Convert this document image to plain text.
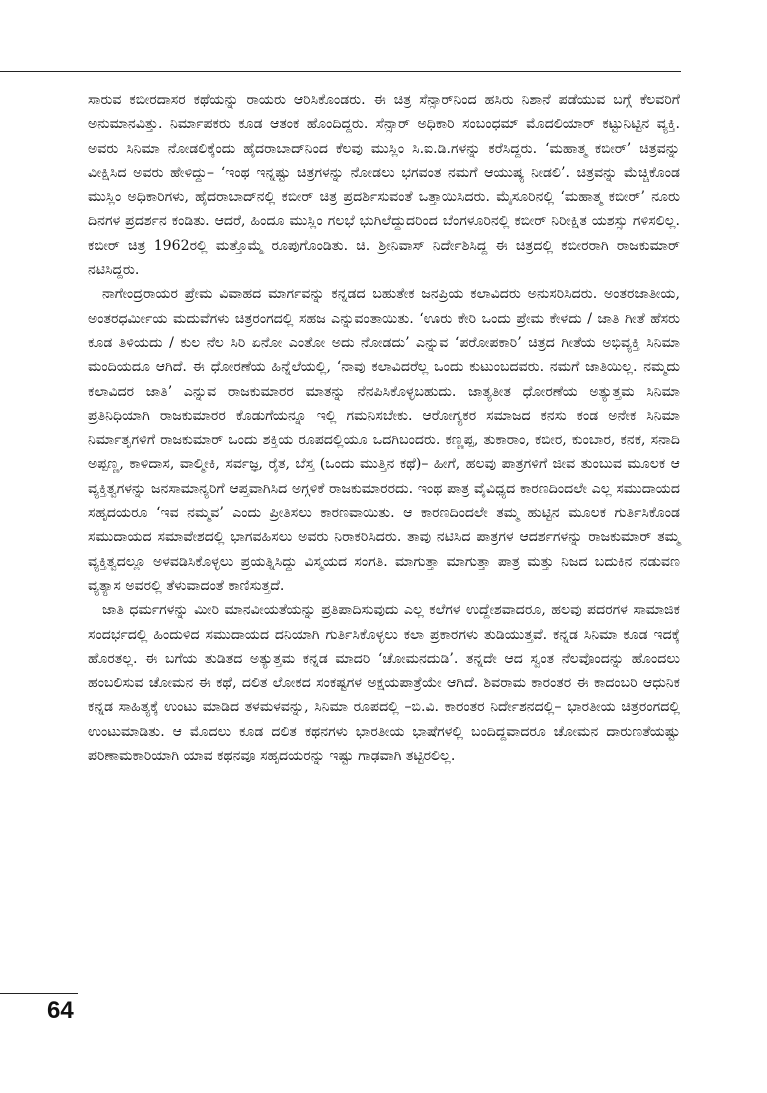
ಸಾರುವ ಕಬೀರದಾಸರ ಕಥೆಯನ್ನು ರಾಯರು ಆರಿಸಿಕೊಂಡರು. ಈ ಚಿತ್ರ ಸೆನ್ಸಾರ್‌ನಿಂದ ಹಸಿರು ನಿಶಾನೆ ಪಡೆಯುವ ಬಗ್ಗೆ ಕೆಲವರಿಗೆ ಅನುಮಾನವಿತ್ತು. ನಿರ್ಮಾಪಕರು ಕೂಡ ಆತಂಕ ಹೊಂದಿದ್ದರು. ಸೆನ್ಸಾರ್ ಅಧಿಕಾರಿ ಸಂಬಂಧಮ್ ಮೊದಲಿಯಾರ್ ಕಟ್ಟುನಿಟ್ಟಿನ ವ್ಯಕ್ತಿ. ಅವರು ಸಿನಿಮಾ ನೋಡಲಿಕ್ಕೆಂದು ಹೈದರಾಬಾದ್‌ನಿಂದ ಕೆಲವು ಮುಸ್ಲಿಂ ಸಿ.ಐ.ಡಿ.ಗಳನ್ನು ಕರೆಸಿದ್ದರು. ‘ಮಹಾತ್ಮ ಕಬೀರ್’ ಚಿತ್ರವನ್ನು ವೀಕ್ಷಿಸಿದ ಅವರು ಹೇಳಿದ್ದು– ‘ಇಂಥ ಇನ್ನಷ್ಟು ಚಿತ್ರಗಳನ್ನು ನೋಡಲು ಭಗವಂತ ನಮಗೆ ಆಯುಷ್ಯ ನೀಡಲಿ’. ಚಿತ್ರವನ್ನು ಮೆಚ್ಚಿಕೊಂಡ ಮುಸ್ಲಿಂ ಅಧಿಕಾರಿಗಳು, ಹೈದರಾಬಾದ್‌ನಲ್ಲಿ ಕಬೀರ್ ಚಿತ್ರ ಪ್ರದರ್ಶಿಸುವಂತೆ ಒತ್ತಾಯಿಸಿದರು. ಮೈಸೂರಿನಲ್ಲಿ ‘ಮಹಾತ್ಮ ಕಬೀರ್’ ನೂರು ದಿನಗಳ ಪ್ರದರ್ಶನ ಕಂಡಿತು. ಆದರೆ, ಹಿಂದೂ ಮುಸ್ಲಿಂ ಗಲಭೆ ಭುಗಿಲೆದ್ದುದರಿಂದ ಬೆಂಗಳೂರಿನಲ್ಲಿ ಕಬೀರ್ ನಿರೀಕ್ಷಿತ ಯಶಸ್ಸು ಗಳಿಸಲಿಲ್ಲ. ಕಬೀರ್ ಚಿತ್ರ 1962ರಲ್ಲಿ ಮತ್ತೊಮ್ಮೆ ರೂಪುಗೊಂಡಿತು. ಚಿ. ಶ್ರೀನಿವಾಸ್ ನಿರ್ದೇಶಿಸಿದ್ದ ಈ ಚಿತ್ರದಲ್ಲಿ ಕಬೀರರಾಗಿ ರಾಜಕುಮಾರ್ ನಟಿಸಿದ್ದರು.

ನಾಗೇಂದ್ರರಾಯರ ಪ್ರೇಮ ವಿವಾಹದ ಮಾರ್ಗವನ್ನು ಕನ್ನಡದ ಬಹುತೇಕ ಜನಪ್ರಿಯ ಕಲಾವಿದರು ಅನುಸರಿಸಿದರು. ಅಂತರಜಾತೀಯ, ಅಂತರಧರ್ಮೀಯ ಮದುವೆಗಳು ಚಿತ್ರರಂಗದಲ್ಲಿ ಸಹಜ ಎನ್ನುವಂತಾಯಿತು. ‘ಊರು ಕೇರಿ ಒಂದು ಪ್ರೇಮ ಕೇಳದು / ಜಾತಿ ಗೀತೆ ಹೆಸರು ಕೂಡ ತಿಳಿಯದು / ಕುಲ ನೆಲ ಸಿರಿ ಏನೋ ಎಂತೋ ಅದು ನೋಡದು’ ಎನ್ನುವ ‘ಪರೋಪಕಾರಿ’ ಚಿತ್ರದ ಗೀತೆಯ ಅಭಿವ್ಯಕ್ತಿ ಸಿನಿಮಾ ಮಂದಿಯದೂ ಆಗಿದೆ. ಈ ಧೋರಣೆಯ ಹಿನ್ನೆಲೆಯಲ್ಲಿ, ‘ನಾವು ಕಲಾವಿದರೆಲ್ಲ ಒಂದು ಕುಟುಂಬದವರು. ನಮಗೆ ಜಾತಿಯಿಲ್ಲ. ನಮ್ಮದು ಕಲಾವಿದರ ಜಾತಿ’ ಎನ್ನುವ ರಾಜಕುಮಾರರ ಮಾತನ್ನು ನೆನಪಿಸಿಕೊಳ್ಳಬಹುದು. ಜಾತ್ಯತೀತ ಧೋರಣೆಯ ಅತ್ಯುತ್ತಮ ಸಿನಿಮಾ ಪ್ರತಿನಿಧಿಯಾಗಿ ರಾಜಕುಮಾರರ ಕೊಡುಗೆಯನ್ನೂ ಇಲ್ಲಿ ಗಮನಿಸಬೇಕು. ಆರೋಗ್ಯಕರ ಸಮಾಜದ ಕನಸು ಕಂಡ ಅನೇಕ ಸಿನಿಮಾ ನಿರ್ಮಾತೃಗಳಿಗೆ ರಾಜಕುಮಾರ್ ಒಂದು ಶಕ್ತಿಯ ರೂಪದಲ್ಲಿಯೂ ಒದಗಿಬಂದರು. ಕಣ್ಣಪ್ಪ, ತುಕಾರಾಂ, ಕಬೀರ, ಕುಂಬಾರ, ಕನಕ, ಸನಾದಿ ಅಪ್ಪಣ್ಣ, ಕಾಳಿದಾಸ, ವಾಲ್ಮೀಕಿ, ಸರ್ವಜ್ಞ, ರೈತ, ಬೆಸ್ತ (ಒಂದು ಮುತ್ತಿನ ಕಥೆ)– ಹೀಗೆ, ಹಲವು ಪಾತ್ರಗಳಿಗೆ ಜೀವ ತುಂಬುವ ಮೂಲಕ ಆ ವ್ಯಕ್ತಿತ್ವಗಳನ್ನು ಜನಸಾಮಾನ್ಯರಿಗೆ ಆಪ್ತವಾಗಿಸಿದ ಅಗ್ಗಳಿಕೆ ರಾಜಕುಮಾರರದು. ಇಂಥ ಪಾತ್ರ ವೈವಿಧ್ಯದ ಕಾರಣದಿಂದಲೇ ಎಲ್ಲ ಸಮುದಾಯದ ಸಹೃದಯರೂ ‘ಇವ ನಮ್ಮವ’ ಎಂದು ಪ್ರೀತಿಸಲು ಕಾರಣವಾಯಿತು. ಆ ಕಾರಣದಿಂದಲೇ ತಮ್ಮ ಹುಟ್ಟಿನ ಮೂಲಕ ಗುರ್ತಿಸಿಕೊಂಡ ಸಮುದಾಯದ ಸಮಾವೇಶದಲ್ಲಿ ಭಾಗವಹಿಸಲು ಅವರು ನಿರಾಕರಿಸಿದರು. ತಾವು ನಟಿಸಿದ ಪಾತ್ರಗಳ ಆದರ್ಶಗಳನ್ನು ರಾಜಕುಮಾರ್ ತಮ್ಮ ವ್ಯಕ್ತಿತ್ವದಲ್ಲೂ ಅಳವಡಿಸಿಕೊಳ್ಳಲು ಪ್ರಯತ್ನಿಸಿದ್ದು ವಿಸ್ಮಯದ ಸಂಗತಿ. ಮಾಗುತ್ತಾ ಮಾಗುತ್ತಾ ಪಾತ್ರ ಮತ್ತು ನಿಜದ ಬದುಕಿನ ನಡುವಣ ವ್ಯತ್ಯಾಸ ಅವರಲ್ಲಿ ತೆಳುವಾದಂತೆ ಕಾಣಿಸುತ್ತದೆ.

ಜಾತಿ ಧರ್ಮಗಳನ್ನು ಮೀರಿ ಮಾನವೀಯತೆಯನ್ನು ಪ್ರತಿಪಾದಿಸುವುದು ಎಲ್ಲ ಕಲೆಗಳ ಉದ್ದೇಶವಾದರೂ, ಹಲವು ಪದರಗಳ ಸಾಮಾಜಿಕ ಸಂದರ್ಭದಲ್ಲಿ ಹಿಂದುಳಿದ ಸಮುದಾಯದ ದನಿಯಾಗಿ ಗುರ್ತಿಸಿಕೊಳ್ಳಲು ಕಲಾ ಪ್ರಕಾರಗಳು ತುಡಿಯುತ್ತವೆ. ಕನ್ನಡ ಸಿನಿಮಾ ಕೂಡ ಇದಕ್ಕೆ ಹೊರತಲ್ಲ. ಈ ಬಗೆಯ ತುಡಿತದ ಅತ್ಯುತ್ತಮ ಕನ್ನಡ ಮಾದರಿ ‘ಚೋಮನದುಡಿ’. ತನ್ನದೇ ಆದ ಸ್ವಂತ ನೆಲವೊಂದನ್ನು ಹೊಂದಲು ಹಂಬಲಿಸುವ ಚೋಮನ ಈ ಕಥೆ, ದಲಿತ ಲೋಕದ ಸಂಕಷ್ಟಗಳ ಅಕ್ಷಯಪಾತ್ರೆಯೇ ಆಗಿದೆ. ಶಿವರಾಮ ಕಾರಂತರ ಈ ಕಾದಂಬರಿ ಆಧುನಿಕ ಕನ್ನಡ ಸಾಹಿತ್ಯಕ್ಕೆ ಉಂಟು ಮಾಡಿದ ತಳಮಳವನ್ನು, ಸಿನಿಮಾ ರೂಪದಲ್ಲಿ –ಬಿ.ವಿ. ಕಾರಂತರ ನಿರ್ದೇಶನದಲ್ಲಿ– ಭಾರತೀಯ ಚಿತ್ರರಂಗದಲ್ಲಿ ಉಂಟುಮಾಡಿತು. ಆ ಮೊದಲು ಕೂಡ ದಲಿತ ಕಥನಗಳು ಭಾರತೀಯ ಭಾಷೆಗಳಲ್ಲಿ ಬಂದಿದ್ದವಾದರೂ ಚೋಮನ ದಾರುಣತೆಯಷ್ಟು ಪರಿಣಾಮಕಾರಿಯಾಗಿ ಯಾವ ಕಥನವೂ ಸಹೃದಯರನ್ನು ಇಷ್ಟು ಗಾಢವಾಗಿ ತಟ್ಟಿರಲಿಲ್ಲ.

64
